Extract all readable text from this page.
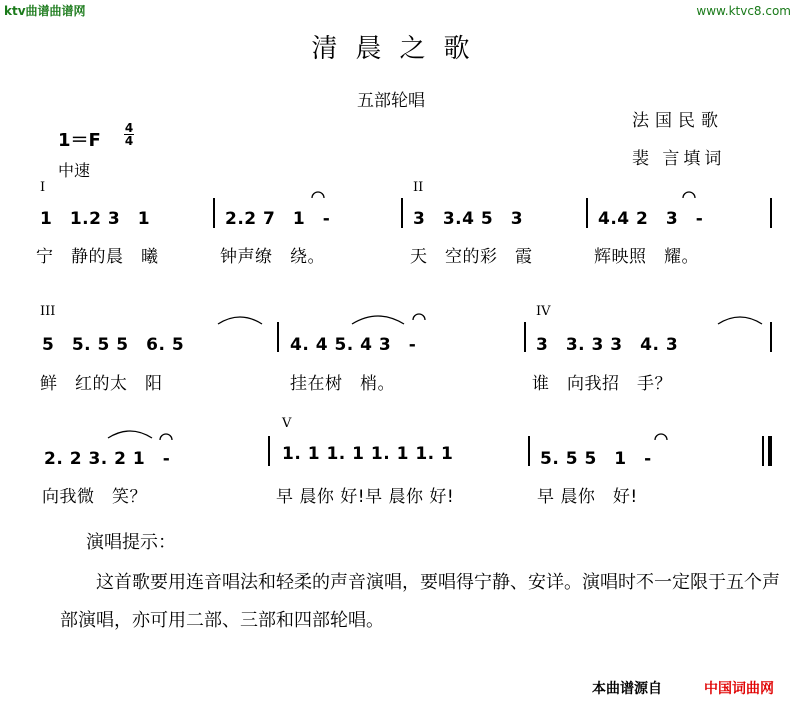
ktv曲谱曲谱网	www.ktvc8.com
清晨之歌
五部轮唱
法国民歌
裴 言填词
1＝F
4
4
中速
I	II
1　1.2 3　1	2.2 7　1　-	3　3.4 5　3	4.4 2　3　-
宁　静的晨　曦	钟声缭　绕。	天　空的彩　霞	辉映照　耀。
III	IV
5　5. 5 5　6. 5	4. 4 5. 4 3　-	3　3. 3 3　4. 3
鲜　红的太　阳	挂在树　梢。	谁　向我招　手？
V
2. 2 3. 2 1　-	1. 1 1. 1 1. 1 1. 1	5. 5 5　1　-
向我微　笑？	早 晨你 好!早 晨你 好!	早 晨你　好!
演唱提示：
这首歌要用连音唱法和轻柔的声音演唱，要唱得宁静、安详。演唱时不一定限于五个声部演唱，亦可用二部、三部和四部轮唱。
本曲谱源自	中国词曲网
